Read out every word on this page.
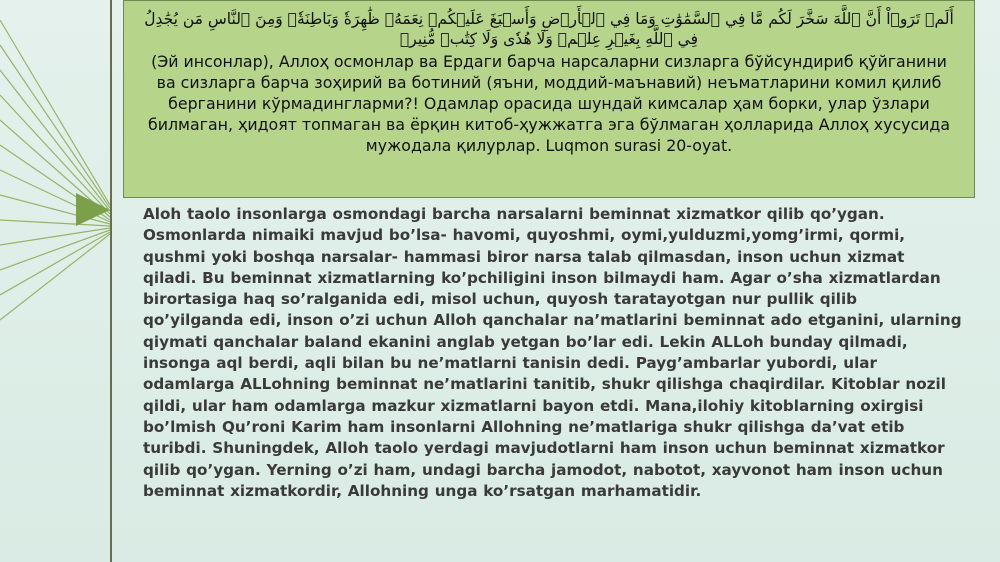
أَلَمۡ تَرَوۡاْ أَنَّ ٱللَّهَ سَخَّرَ لَكُم مَّا فِي ٱلسَّمَٰوَٰتِ وَمَا فِي ٱلۡأَرۡضِ وَأَسۡبَغَ عَلَيۡكُمۡ نِعَمَهُۥ ظَٰهِرَةٗ وَبَاطِنَةٗۗ وَمِنَ ٱلنَّاسِ مَن يُجَٰدِلُ فِي ٱللَّهِ بِغَيۡرِ عِلۡمٖ وَلَا هُدٗى وَلَا كِتَٰبٖ مُّنِيرٖ

(Эй инсонлар), Аллоҳ осмонлар ва Ердаги барча нарсаларни сизларга бўйсундириб қўйганини ва сизларга барча зоҳирий ва ботиний (яъни, моддий-маънавий) неъматларини комил қилиб берганини кўрмадингларми?! Одамлар орасида шундай кимсалар ҳам борки, улар ўзлари билмаган, ҳидоят топмаган ва ёрқин китоб-ҳужжатга эга бўлмаган ҳолларида Аллоҳ хусусида мужодала қилурлар. Luqmon surasi 20-oyat.

Aloh taolo insonlarga osmondagi barcha narsalarni beminnat xizmatkor qilib qo’ygan. Osmonlarda nimaiki mavjud bo’lsa- havomi, quyoshmi, oymi,yulduzmi,yomg’irmi, qormi, qushmi yoki boshqa narsalar- hammasi biror narsa talab qilmasdan, inson uchun xizmat qiladi. Bu beminnat xizmatlarning ko’pchiligini inson bilmaydi ham. Agar o’sha xizmatlardan birortasiga haq so’ralganida edi, misol uchun, quyosh taratayotgan nur pullik qilib qo’yilganda edi, inson o’zi uchun Alloh qanchalar na’matlarini beminnat ado etganini, ularning qiymati qanchalar baland ekanini anglab yetgan bo’lar edi. Lekin ALLoh bunday qilmadi, insonga aql berdi, aqli bilan bu ne’matlarni tanisin dedi. Payg’ambarlar yubordi, ular odamlarga ALLohning beminnat ne’matlarini tanitib, shukr qilishga chaqirdilar. Kitoblar nozil qildi, ular ham odamlarga mazkur xizmatlarni bayon etdi. Mana,ilohiy kitoblarning oxirgisi bo’lmish Qu’roni Karim ham insonlarni Allohning ne’matlariga shukr qilishga da’vat etib turibdi. Shuningdek, Alloh taolo yerdagi mavjudotlarni ham inson uchun beminnat xizmatkor qilib qo’ygan. Yerning o’zi ham, undagi barcha jamodot, nabotot, xayvonot ham inson uchun beminnat xizmatkordir, Allohning unga ko’rsatgan marhamatidir.
